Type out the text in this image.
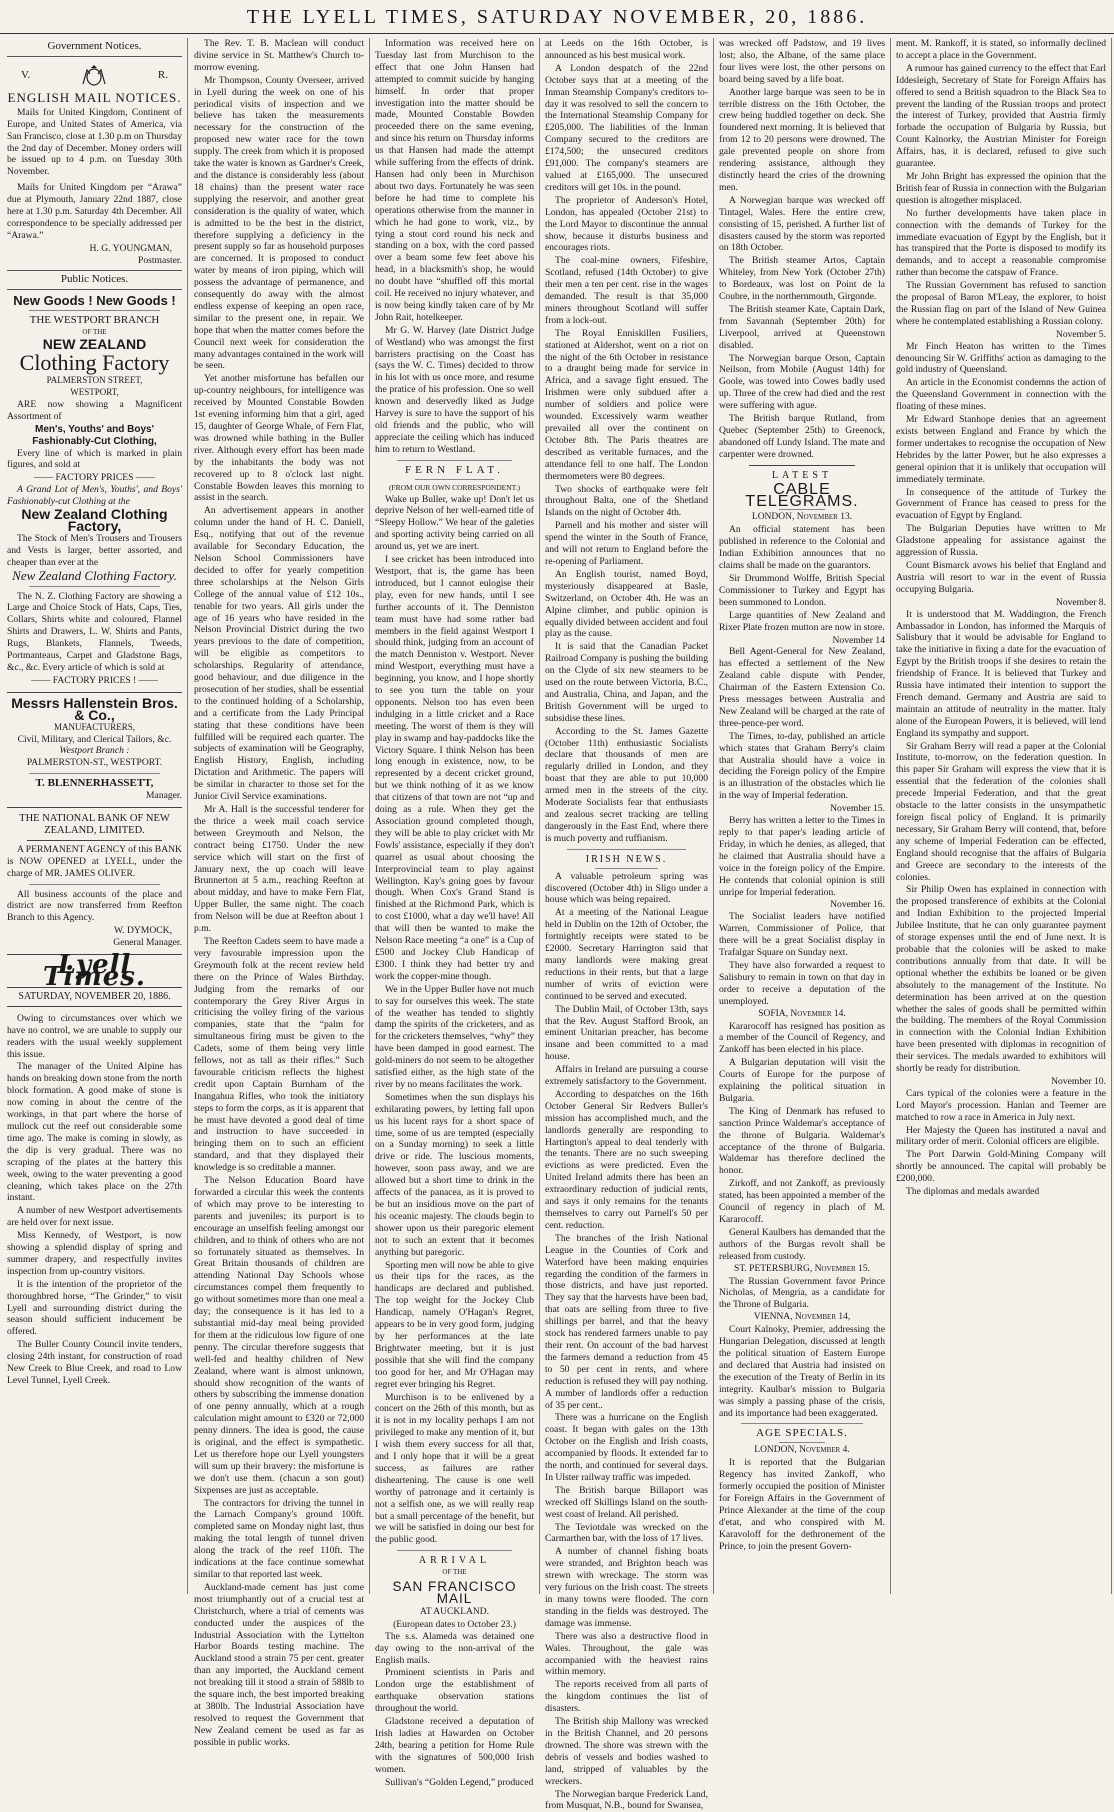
THE LYELL TIMES, SATURDAY NOVEMBER, 20, 1886.
Government Notices.
V.	R.
ENGLISH MAIL NOTICES.

Mails for United Kingdom, Continent of Europe, and United States of America, via San Francisco, close at 1.30 p.m on Thursday the 2nd day of December. Money orders will be issued up to 4 p.m. on Tuesday 30th November.

Mails for United Kingdom per “Arawa” due at Plymouth, January 22nd 1887, close here at 1.30 p.m. Saturday 4th December. All correspondence to be specially addressed per “Arawa.”

H. G. YOUNGMAN,
Postmaster.
Public Notices.
New Goods ! New Goods !
THE WESTPORT BRANCH
OF THE
NEW ZEALAND
Clothing Factory
PALMERSTON STREET,
WESTPORT,

ARE now showing a Magnificent Assortment of

Men's, Youths' and Boys' Fashionably-Cut Clothing,

Every line of which is marked in plain figures, and sold at

—— FACTORY PRICES ——

A Grand Lot of Men's, Youths', and Boys' Fashionably-cut Clothing at the

New Zealand Clothing Factory,

The Stock of Men's Trousers and Trousers and Vests is larger, better assorted, and cheaper than ever at the

New Zealand Clothing Factory.

The N. Z. Clothing Factory are showing a Large and Choice Stock of Hats, Caps, Ties, Collars, Shirts white and coloured, Flannel Shirts and Drawers, L. W. Shirts and Pants, Rugs, Blankets, Flannels, Tweeds, Portmanteaus, Carpet and Gladstone Bags, &c., &c. Every article of which is sold at

—— FACTORY PRICES ! ——
Messrs Hallenstein Bros. & Co.,
MANUFACTURERS,
Civil, Military, and Clerical Tailors, &c.
Westport Branch :
PALMERSTON-ST., WESTPORT.
T. BLENNERHASSETT,
Manager.
THE NATIONAL BANK OF NEW ZEALAND, LIMITED.

A PERMANENT AGENCY of this BANK is NOW OPENED at LYELL, under the charge of MR. JAMES OLIVER.

All business accounts of the place and district are now transferred from Reefton Branch to this Agency.

W. DYMOCK,
General Manager.
Lyell Times.
SATURDAY, NOVEMBER 20, 1886.

Owing to circumstances over which we have no control, we are unable to supply our readers with the usual weekly supplement this issue.

The manager of the United Alpine has hands on breaking down stone from the north block formation. A good make of stone is now coming in about the centre of the workings, in that part where the horse of mullock cut the reef out considerable some time ago. The make is coming in slowly, as the dip is very gradual. There was no scraping of the plates at the battery this week, owing to the water preventing a good cleaning, which takes place on the 27th instant.

A number of new Westport advertisements are held over for next issue.

Miss Kennedy, of Westport, is now showing a splendid display of spring and summer drapery, and respectfully invites inspection from up-country visitors.

It is the intention of the proprietor of the thoroughbred horse, “The Grinder,” to visit Lyell and surrounding district during the season should sufficient inducement be offered.

The Buller County Council invite tenders, closing 24th instant, for construction of road New Creek to Blue Creek, and road to Low Level Tunnel, Lyell Creek.

The Rev. T. B. Maclean will conduct divine service in St. Matthew's Church to-morrow evening.

Mr Thompson, County Overseer, arrived in Lyell during the week on one of his periodical visits of inspection and we believe has taken the measurements necessary for the construction of the proposed new water race for the town supply. The creek from which it is proposed take the water is known as Gardner's Creek, and the distance is considerably less (about 18 chains) than the present water race supplying the reservoir, and another great consideration is the quality of water, which is admitted to be the best in the district, therefore supplying a deficiency in the present supply so far as household purposes are concerned. It is proposed to conduct water by means of iron piping, which will possess the advantage of permanence, and consequently do away with the almost endless expense of keeping an open race, similar to the present one, in repair. We hope that when the matter comes before the Council next week for consideration the many advantages contained in the work will be seen.

Yet another misfortune has befallen our up-country neighbours, for intelligence was received by Mounted Constable Bowden 1st evening informing him that a girl, aged 15, daughter of George Whale, of Fern Flat, was drowned while bathing in the Buller river. Although every effort has been made by the inhabitants the body was not recovered up to 8 o'clock last night. Constable Bowden leaves this morning to assist in the search.

An advertisement appears in another column under the hand of H. C. Daniell, Esq., notifying that out of the revenue available for Secondary Education, the Nelson School Commissioners have decided to offer for yearly competition three scholarships at the Nelson Girls College of the annual value of £12 10s., tenable for two years. All girls under the age of 16 years who have resided in the Nelson Provincial District during the two years previous to the date of competition, will be eligible as competitors to scholarships. Regularity of attendance, good behaviour, and due diligence in the prosecution of her studies, shall be essential to the continued holding of a Scholarship, and a certificate from the Lady Principal stating that these conditions have been fulfilled will be required each quarter. The subjects of examination will be Geography, English History, English, including Dictation and Arithmetic. The papers will be similar in character to those set for the Junior Civil Service examinations.

Mr A. Hall is the successful tenderer for the thrice a week mail coach service between Greymouth and Nelson, the contract being £1750. Under the new service which will start on the first of January next, the up coach will leave Brunnerton at 5 a.m., reaching Reefton at about midday, and have to make Fern Flat, Upper Buller, the same night. The coach from Nelson will be due at Reefton about 1 p.m.

The Reefton Cadets seem to have made a very favourable impression upon the Greymouth folk at the recent review held there on the Prince of Wales Birthday. Judging from the remarks of our contemporary the Grey River Argus in criticising the volley firing of the various companies, state that the “palm for simultaneous firing must be given to the Cadets, some of them being very little fellows, not as tall as their rifles.” Such favourable criticism reflects the highest credit upon Captain Burnham of the Inangahua Rifles, who took the initiatory steps to form the corps, as it is apparent that he must have devoted a good deal of time and instruction to have succeeded in bringing them on to such an efficient standard, and that they displayed their knowledge is so creditable a manner.

The Nelson Education Board have forwarded a circular this week the contents of which may prove to be interesting to parents and juveniles; its purport is to encourage an unselfish feeling amongst our children, and to think of others who are not so fortunately situated as themselves. In Great Britain thousands of children are attending National Day Schools whose circumstances compel them frequently to go without sometimes more than one meal a day; the consequence is it has led to a substantial mid-day meal being provided for them at the ridiculous low figure of one penny. The circular therefore suggests that well-fed and healthy children of New Zealand, where want is almost unknown, should show recognition of the wants of others by subscribing the immense donation of one penny annually, which at a rough calculation might amount to £320 or 72,000 penny dinners. The idea is good, the cause is original, and the effect is sympathetic. Let us therefore hope our Lyell youngsters will sum up their bravery: the misfortune is we don't use them. (chacun a son gout) Sixpenses are just as acceptable.

The contractors for driving the tunnel in the Larnach Company's ground 100ft. completed same on Monday night last, thus making the total length of tunnel driven along the track of the reef 110ft. The indications at the face continue somewhat similar to that reported last week.

Auckland-made cement has just come most triumphantly out of a crucial test at Christchurch, where a trial of cements was conducted under the auspices of the Industrial Association with the Lyttelton Harbor Boards testing machine. The Auckland stood a strain 75 per cent. greater than any imported, the Auckland cement not breaking till it stood a strain of 588lb to the square inch, the best imported breaking at 380lb. The Industrial Association have resolved to request the Government that New Zealand cement be used as far as possible in public works.

Information was received here on Tuesday last from Murchison to the effect that one John Hansen had attempted to commit suicide by hanging himself. In order that proper investigation into the matter should be made, Mounted Constable Bowden proceeded there on the same evening, and since his return on Thursday informs us that Hansen had made the attempt while suffering from the effects of drink. Hansen had only been in Murchison about two days. Fortunately he was seen before he had time to complete his operations otherwise from the manner in which he had gone to work, viz., by tying a stout cord round his neck and standing on a box, with the cord passed over a beam some few feet above his head, in a blacksmith's shop, he would no doubt have “shuffled off this mortal coil. He received no injury whatever, and is now being kindly taken care of by Mr John Rait, hotelkeeper.

Mr G. W. Harvey (late District Judge of Westland) who was amongst the first barristers practising on the Coast has (says the W. C. Times) decided to throw in his lot with us once more, and resume the pratice of his profession. One so well known and deservedly liked as Judge Harvey is sure to have the support of his old friends and the public, who will appreciate the ceiling which has induced him to return to Westland.

FERN FLAT.
(FROM OUR OWN CORRESPONDENT.)

Wake up Buller, wake up! Don't let us deprive Nelson of her well-earned title of “Sleepy Hollow.” We hear of the galeties and sporting activity being carried on all around us, yet we are inert.

I see cricket has been introduced into Westport, that is, the game has been introduced, but I cannot eulogise their play, even for new hands, until I see further accounts of it. The Denniston team must have had some rather bad members in the field against Westport I should think, judging from an account of the match Denniston v. Westport. Never mind Westport, everything must have a beginning, you know, and I hope shortly to see you turn the table on your opponents. Nelson too has even been indulging in a little cricket and a Race meeting. The worst of them is they will play in swamp and hay-paddocks like the Victory Square. I think Nelson has been long enough in existence, now, to be represented by a decent cricket ground, but we think nothing of it as we know that citizens of that town are not “up and doing as a rule. When they get the Association ground completed though, they will be able to play cricket with Mr Fowls' assistance, especially if they don't quarrel as usual about choosing the Interprovincial team to play against Wellington. Kay's going goes by favour though. When Cox's Grand Stand is finished at the Richmond Park, which is to cost £1000, what a day we'll have! All that will then be wanted to make the Nelson Race meeting “a one” is a Cup of £500 and Jockey Club Handicap of £300. I think they had better try and work the copper-mine though.

We in the Upper Buller have not much to say for ourselves this week. The state of the weather has tended to slightly damp the spirits of the cricketers, and as for the cricketers themselves, “why” they have been damped in good earnest. The gold-miners do not seem to be altogether satisfied either, as the high state of the river by no means facilitates the work.

Sometimes when the sun displays his exhilarating powers, by letting fall upon us his lucent rays for a short space of time, some of us are tempted (especially on a Sunday morning) to seek a little drive or ride. The luscious moments, however, soon pass away, and we are allowed but a short time to drink in the affects of the panacea, as it is proved to be but an insidious move on the part of his oceanic majesty. The clouds begin to shower upon us their paregoric element not to such an extent that it becomes anything but paregoric.

Sporting men will now be able to give us their tips for the races, as the handicaps are declared and published. The top weight for the Jockey Club Handicap, namely O'Hagan's Regret, appears to be in very good form, judging by her performances at the late Brightwater meeting, but it is just possible that she will find the company too good for her, and Mr O'Hagan may regret ever bringing his Regret.

Murchison is to be enlivened by a concert on the 26th of this month, but as it is not in my locality perhaps I am not privileged to make any mention of it, but I wish them every success for all that, and I only hope that it will be a great success, as failures are rather disheartening. The cause is one well worthy of patronage and it certainly is not a selfish one, as we will really reap but a small percentage of the benefit, but we will be satisfied in doing our best for the public good.

ARRIVAL
OF THE
SAN FRANCISCO MAIL
AT AUCKLAND.
(European dates to October 23.)

The s.s. Alameda was detained one day owing to the non-arrival of the English mails.

Prominent scientists in Paris and London urge the establishment of earthquake observation stations throughout the world.

Gladstone received a deputation of Irish ladies at Hawarden on October 24th, bearing a petition for Home Rule with the signatures of 500,000 Irish women.

Sullivan's “Golden Legend,” produced

at Leeds on the 16th October, is announced as his best musical work.

A London despatch of the 22nd October says that at a meeting of the Inman Steamship Company's creditors to-day it was resolved to sell the concern to the International Steamship Company for £205,000. The liabilities of the Inman Company secured to the creditors are £174,500; the unsecured creditors £91,000. The company's steamers are valued at £165,000. The unsecured creditors will get 10s. in the pound.

The proprietor of Anderson's Hotel, London, has appealed (October 21st) to the Lord Mayor to discontinue the annual show, because it disturbs business and encourages riots.

The coal-mine owners, Fifeshire, Scotland, refused (14th October) to give their men a ten per cent. rise in the wages demanded. The result is that 35,000 miners throughout Scotland will suffer from a lock-out.

The Royal Enniskillen Fusiliers, stationed at Aldershot, went on a riot on the night of the 6th October in resistance to a draught being made for service in Africa, and a savage fight ensued. The Irishmen were only subdued after a number of soldiers and police were wounded. Excessively warm weather prevailed all over the continent on October 8th. The Paris theatres are described as veritable furnaces, and the attendance fell to one half. The London thermometers were 80 degrees.

Two shocks of earthquake were felt throughout Balta, one of the Shetland Islands on the night of October 4th.

Parnell and his mother and sister will spend the winter in the South of France, and will not return to England before the re-opening of Parliament.

An English tourist, named Boyd, mysteriously disappeared at Basle, Switzerland, on October 4th. He was an Alpine climber, and public opinion is equally divided between accident and foul play as the cause.

It is said that the Canadian Packet Railroad Company is pushing the building on the Clyde of six new steamers to be used on the route between Victoria, B.C., and Australia, China, and Japan, and the British Government will be urged to subsidise these lines.

According to the St. James Gazette (October 11th) enthusiastic Socialists declare that thousands of men are regularly drilled in London, and they boast that they are able to put 10,000 armed men in the streets of the city. Moderate Socialists fear that enthusiasts and zealous secret tracking are telling dangerously in the East End, where there is much poverty and ruffianism.

IRISH NEWS.

A valuable petroleum spring was discovered (October 4th) in Sligo under a house which was being repaired.

At a meeting of the National League held in Dublin on the 12th of October, the fortnightly receipts were stated to be £2000. Secretary Harrington said that many landlords were making great reductions in their rents, but that a large number of writs of eviction were continued to be served and executed.

The Dublin Mail, of October 13th, says that the Rev. August Stafford Brook, an eminent Unitarian preacher, has become insane and been committed to a mad house.

Affairs in Ireland are pursuing a course extremely satisfactory to the Government.

According to despatches on the 16th October General Sir Redvers Buller's mission has accomplished much, and the landlords generally are responding to Hartington's appeal to deal tenderly with the tenants. There are no such sweeping evictions as were predicted. Even the United Ireland admits there has been an extraordinary reduction of judicial rents, and says it only remains for the tenants themselves to carry out Parnell's 50 per cent. reduction.

The branches of the Irish National League in the Counties of Cork and Waterford have been making enquiries regarding the condition of the farmers in those districts, and have just reported. They say that the harvests have been bad, that oats are selling from three to five shillings per barrel, and that the heavy stock has rendered farmers unable to pay their rent. On account of the bad harvest the farmers demand a reduction from 45 to 50 per cent in rents, and where reduction is refused they will pay nothing. A number of landlords offer a reduction of 35 per cent..

There was a hurricane on the English coast. It began with gales on the 13th October on the English and Irish coasts, accompanied by floods. It extended far to the north, and continued for several days. In Ulster railway traffic was impeded.

The British barque Billaport was wrecked off Skillings Island on the south-west coast of Ireland. All perished.

The Teviotdale was wrecked on the Carmarthen bar, with the loss of 17 lives.

A number of channel fishing boats were stranded, and Brighton beach was strewn with wreckage. The storm was very furious on the Irish coast. The streets in many towns were flooded. The corn standing in the fields was destroyed. The damage was immense.

There was also a destructive flood in Wales. Throughout, the gale was accompanied with the heaviest rains within memory.

The reports received from all parts of the kingdom continues the list of disasters.

The British ship Mallony was wrecked in the British Channel, and 20 persons drowned. The shore was strewn with the debris of vessels and bodies washed to land, stripped of valuables by the wreckers.

The Norwegian barque Frederick Land, from Musquat, N.B., bound for Swansea,

was wrecked off Padstow, and 19 lives lost; also, the Albane, of the same place four lives were lost, the other persons on board being saved by a life boat.

Another large barque was seen to be in terrible distress on the 16th October, the crew being huddled together on deck. She foundered next morning. It is believed that from 12 to 20 persons were drowned. The gale prevented people on shore from rendering assistance, although they distinctly heard the cries of the drowning men.

A Norwegian barque was wrecked off Tintagel, Wales. Here the entire crew, consisting of 15, perished. A further list of disasters caused by the storm was reported on 18th October.

The British steamer Artos, Captain Whiteley, from New York (October 27th) to Bordeaux, was lost on Point de la Coubre, in the northernmouth, Girgonde.

The British steamer Kate, Captain Dark, from Savannah (September 20th) for Liverpool, arrived at Queenstown disabled.

The Norwegian barque Orson, Captain Neilson, from Mobile (August 14th) for Goole, was towed into Cowes badly used up. Three of the crew had died and the rest were suffering with ague.

The British barque Rutland, from Quebec (September 25th) to Greenock, abandoned off Lundy Island. The mate and carpenter were drowned.

LATEST
CABLE TELEGRAMS.
LONDON, November 13.

An official statement has been published in reference to the Colonial and Indian Exhibition announces that no claims shall be made on the guarantors.

Sir Drummond Wolffe, British Special Commissioner to Turkey and Egypt has been summoned to London.

Large quantities of New Zealand and Rixer Plate frozen mutton are now in store.

November 14

Bell Agent-General for New Zealand, has effected a settlement of the New Zealand cable dispute with Pender, Chairman of the Eastern Extension Co. Press messages between Australia and New Zealand will be charged at the rate of three-pence-per word.

The Times, to-day, published an article which states that Graham Berry's claim that Australia should have a voice in deciding the Foreign policy of the Empire is an illustration of the obstacles which lie in the way of Imperial federation.

November 15.

Berry has written a letter to the Times in reply to that paper's leading article of Friday, in which he denies, as alleged, that he claimed that Australia should have a voice in the foreign policy of the Empire. He contends that colonial opinion is still unripe for Imperial federation.

November 16.

The Socialist leaders have notified Warren, Commissioner of Police, that there will be a great Socialist display in Trafalgar Square on Sunday next.

They have also forwarded a request to Salisbury to remain in town on that day in order to receive a deputation of the unemployed.

SOFIA, November 14.

Kararocoff has resigned has position as a member of the Council of Regency, and Zankoff has been elected in his place.

A Bulgarian deputation will visit the Courts of Europe for the purpose of explaining the political situation in Bulgaria.

The King of Denmark has refused to sanction Prince Waldemar's acceptance of the throne of Bulgaria. Waldemar's acceptance of the throne of Bulgaria. Waldemar has therefore declined the honor.

Zirkoff, and not Zankoff, as previously stated, has been appointed a member of the Council of regency in plach of M. Kararocoff.

General Kaulbers has demanded that the authors of the Burgas revolt shall be released from custody.

ST. PETERSBURG, November 15.

The Russian Government favor Prince Nicholas, of Mengria, as a candidate for the Throne of Bulgaria.

VIENNA, November 14,

Court Kalnoky, Premier, addressing the Hungarian Delegation, discussed at length the political situation of Eastern Europe and declared that Austria had insisted on the execution of the Treaty of Berlin in its integrity. Kaulbar's mission to Bulgaria was simply a passing phase of the crisis, and its importance had been exaggerated.

AGE SPECIALS.
LONDON, November 4.

It is reported that the Bulgarian Regency has invited Zankoff, who formerly occupied the position of Minister for Foreign Affairs in the Government of Prince Alexander at the time of the coup d'etat, and who conspired with M. Karavoloff for the dethronement of the Prince, to join the present Govern-

ment. M. Rankoff, it is stated, so informally declined to accept a place in the Government.

A rumour has gained currency to the effect that Earl Iddesleigh, Secretary of State for Foreign Affairs has offered to send a British squadron to the Black Sea to prevent the landing of the Russian troops and protect the interest of Turkey, provided that Austria firmly forbade the occupation of Bulgaria by Russia, but Count Kalnorky, the Austrian Minister for Foreign Affairs, has, it is declared, refused to give such guarantee.

Mr John Bright has expressed the opinion that the British fear of Russia in connection with the Bulgarian question is altogether misplaced.

No further developments have taken place in connection with the demands of Turkey for the immediate evacuation of Egypt by the English, but it has transpired that the Porte is disposed to modify its demands, and to accept a reasonable compromise rather than become the catspaw of France.

The Russian Government has refused to sanction the proposal of Baron M'Leay, the explorer, to hoist the Russian flag on part of the Island of New Guinea where he contemplated establishing a Russian colony.

November 5.

Mr Finch Heaton has written to the Times denouncing Sir W. Griffiths' action as damaging to the gold industry of Queensland.

An article in the Economist condemns the action of the Queensland Government in connection with the floating of these mines.

Mr Edward Stanhope denies that an agreement exists between England and France by which the former undertakes to recognise the occupation of New Hebrides by the latter Power, but he also expresses a general opinion that it is unlikely that occupation will immediately terminate.

In consequence of the attitude of Turkey the Government of France has ceased to press for the evacuation of Egypt by England.

The Bulgarian Deputies have written to Mr Gladstone appealing for assistance against the aggression of Russia.

Count Bismarck avows his belief that England and Austria will resort to war in the event of Russia occupying Bulgaria.

November 8.

It is understood that M. Waddington, the French Ambassador in London, has informed the Marquis of Salisbury that it would be advisable for England to take the initiative in fixing a date for the evacuation of Egypt by the British troops if she desires to retain the friendship of France. It is believed that Turkey and Russia have intimated their intention to support the French demand. Germany and Austria are said to maintain an attitude of neutrality in the matter. Italy alone of the European Powers, it is believed, will lend England its sympathy and support.

Sir Graham Berry will read a paper at the Colonial Institute, to-morrow, on the federation question. In this paper Sir Graham will express the view that it is essential that the federation of the colonies shall precede Imperial Federation, and that the great obstacle to the latter consists in the unsympathetic foreign fiscal policy of England. It is primarily necessary, Sir Graham Berry will contend, that, before any scheme of Imperial Federation can be effected, England should recognise that the affairs of Bulgaria and Greece are secondary to the interests of the colonies.

Sir Philip Owen has explained in connection with the proposed transference of exhibits at the Colonial and Indian Exhibition to the projected Imperial Jubilee Institute, that he can only guarantee payment of storage expenses until the end of June next. It is probable that the colonies will be asked to make contributions annually from that date. It will be optional whether the exhibits be loaned or be given absolutely to the management of the Institute. No determination has been arrived at on the question whether the sales of goods shall be permitted within the building. The members of the Royal Commission in connection with the Colonial Indian Exhibition have been presented with diplomas in recognition of their services. The medals awarded to exhibitors will shortly be ready for distribution.

November 10.

Cars typical of the colonies were a feature in the Lord Mayor's procession. Hanlan and Teemer are matched to row a race in America in July next.

Her Majesty the Queen has instituted a naval and military order of merit. Colonial officers are eligible.

The Port Darwin Gold-Mining Company will shortly be announced. The capital will probably be £200,000.

The diplomas and medals awarded
